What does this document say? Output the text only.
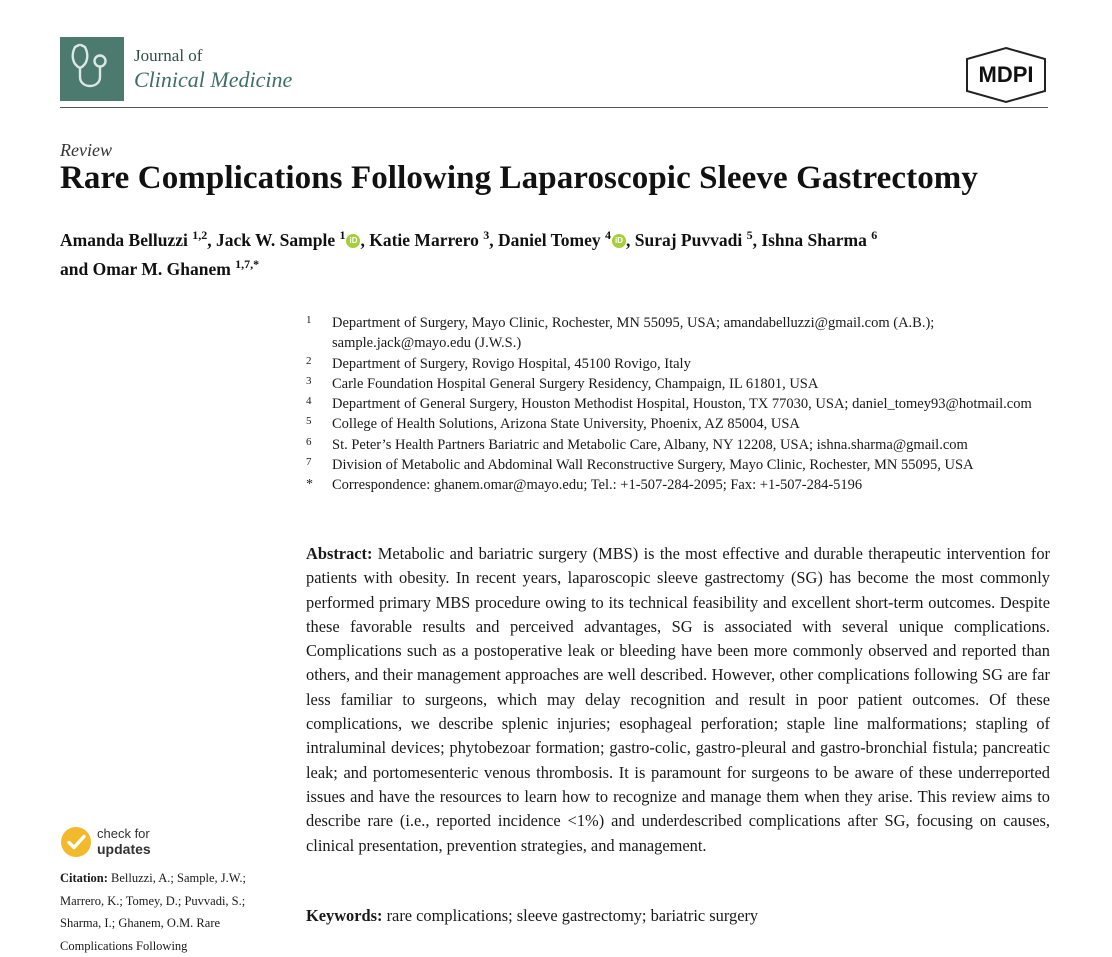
Journal of
Clinical Medicine	MDPI
Review
Rare Complications Following Laparoscopic Sleeve Gastrectomy
Amanda Belluzzi $^{1,2}$, Jack W. Sample $^1$ iD , Katie Marrero $^3$, Daniel Tomey $^4$ iD , Suraj Puvvadi $^5$, Ishna Sharma $^6$
and Omar M. Ghanem $^{1,7,*}$
1 Department of Surgery, Mayo Clinic, Rochester, MN 55095, USA; amandabelluzzi@gmail.com (A.B.); sample.jack@mayo.edu (J.W.S.)
2 Department of Surgery, Rovigo Hospital, 45100 Rovigo, Italy
3 Carle Foundation Hospital General Surgery Residency, Champaign, IL 61801, USA
4 Department of General Surgery, Houston Methodist Hospital, Houston, TX 77030, USA; daniel_tomey93@hotmail.com
5 College of Health Solutions, Arizona State University, Phoenix, AZ 85004, USA
6 St. Peter’s Health Partners Bariatric and Metabolic Care, Albany, NY 12208, USA; ishna.sharma@gmail.com
7 Division of Metabolic and Abdominal Wall Reconstructive Surgery, Mayo Clinic, Rochester, MN 55095, USA
* Correspondence: ghanem.omar@mayo.edu; Tel.: +1-507-284-2095; Fax: +1-507-284-5196
Abstract: Metabolic and bariatric surgery (MBS) is the most effective and durable therapeutic intervention for patients with obesity. In recent years, laparoscopic sleeve gastrectomy (SG) has become the most commonly performed primary MBS procedure owing to its technical feasibility and excellent short-term outcomes. Despite these favorable results and perceived advantages, SG is associated with several unique complications. Complications such as a postoperative leak or bleeding have been more commonly observed and reported than others, and their management approaches are well described. However, other complications following SG are far less familiar to surgeons, which may delay recognition and result in poor patient outcomes. Of these complications, we describe splenic injuries; esophageal perforation; staple line malformations; stapling of intraluminal devices; phytobezoar formation; gastro-colic, gastro-pleural and gastro-bronchial fistula; pancreatic leak; and portomesenteric venous thrombosis. It is paramount for surgeons to be aware of these underreported issues and have the resources to learn how to recognize and manage them when they arise. This review aims to describe rare (i.e., reported incidence <1%) and underdescribed complications after SG, focusing on causes, clinical presentation, prevention strategies, and management.
Keywords: rare complications; sleeve gastrectomy; bariatric surgery
check for
updates
Citation: Belluzzi, A.; Sample, J.W.; Marrero, K.; Tomey, D.; Puvvadi, S.; Sharma, I.; Ghanem, O.M. Rare Complications Following
